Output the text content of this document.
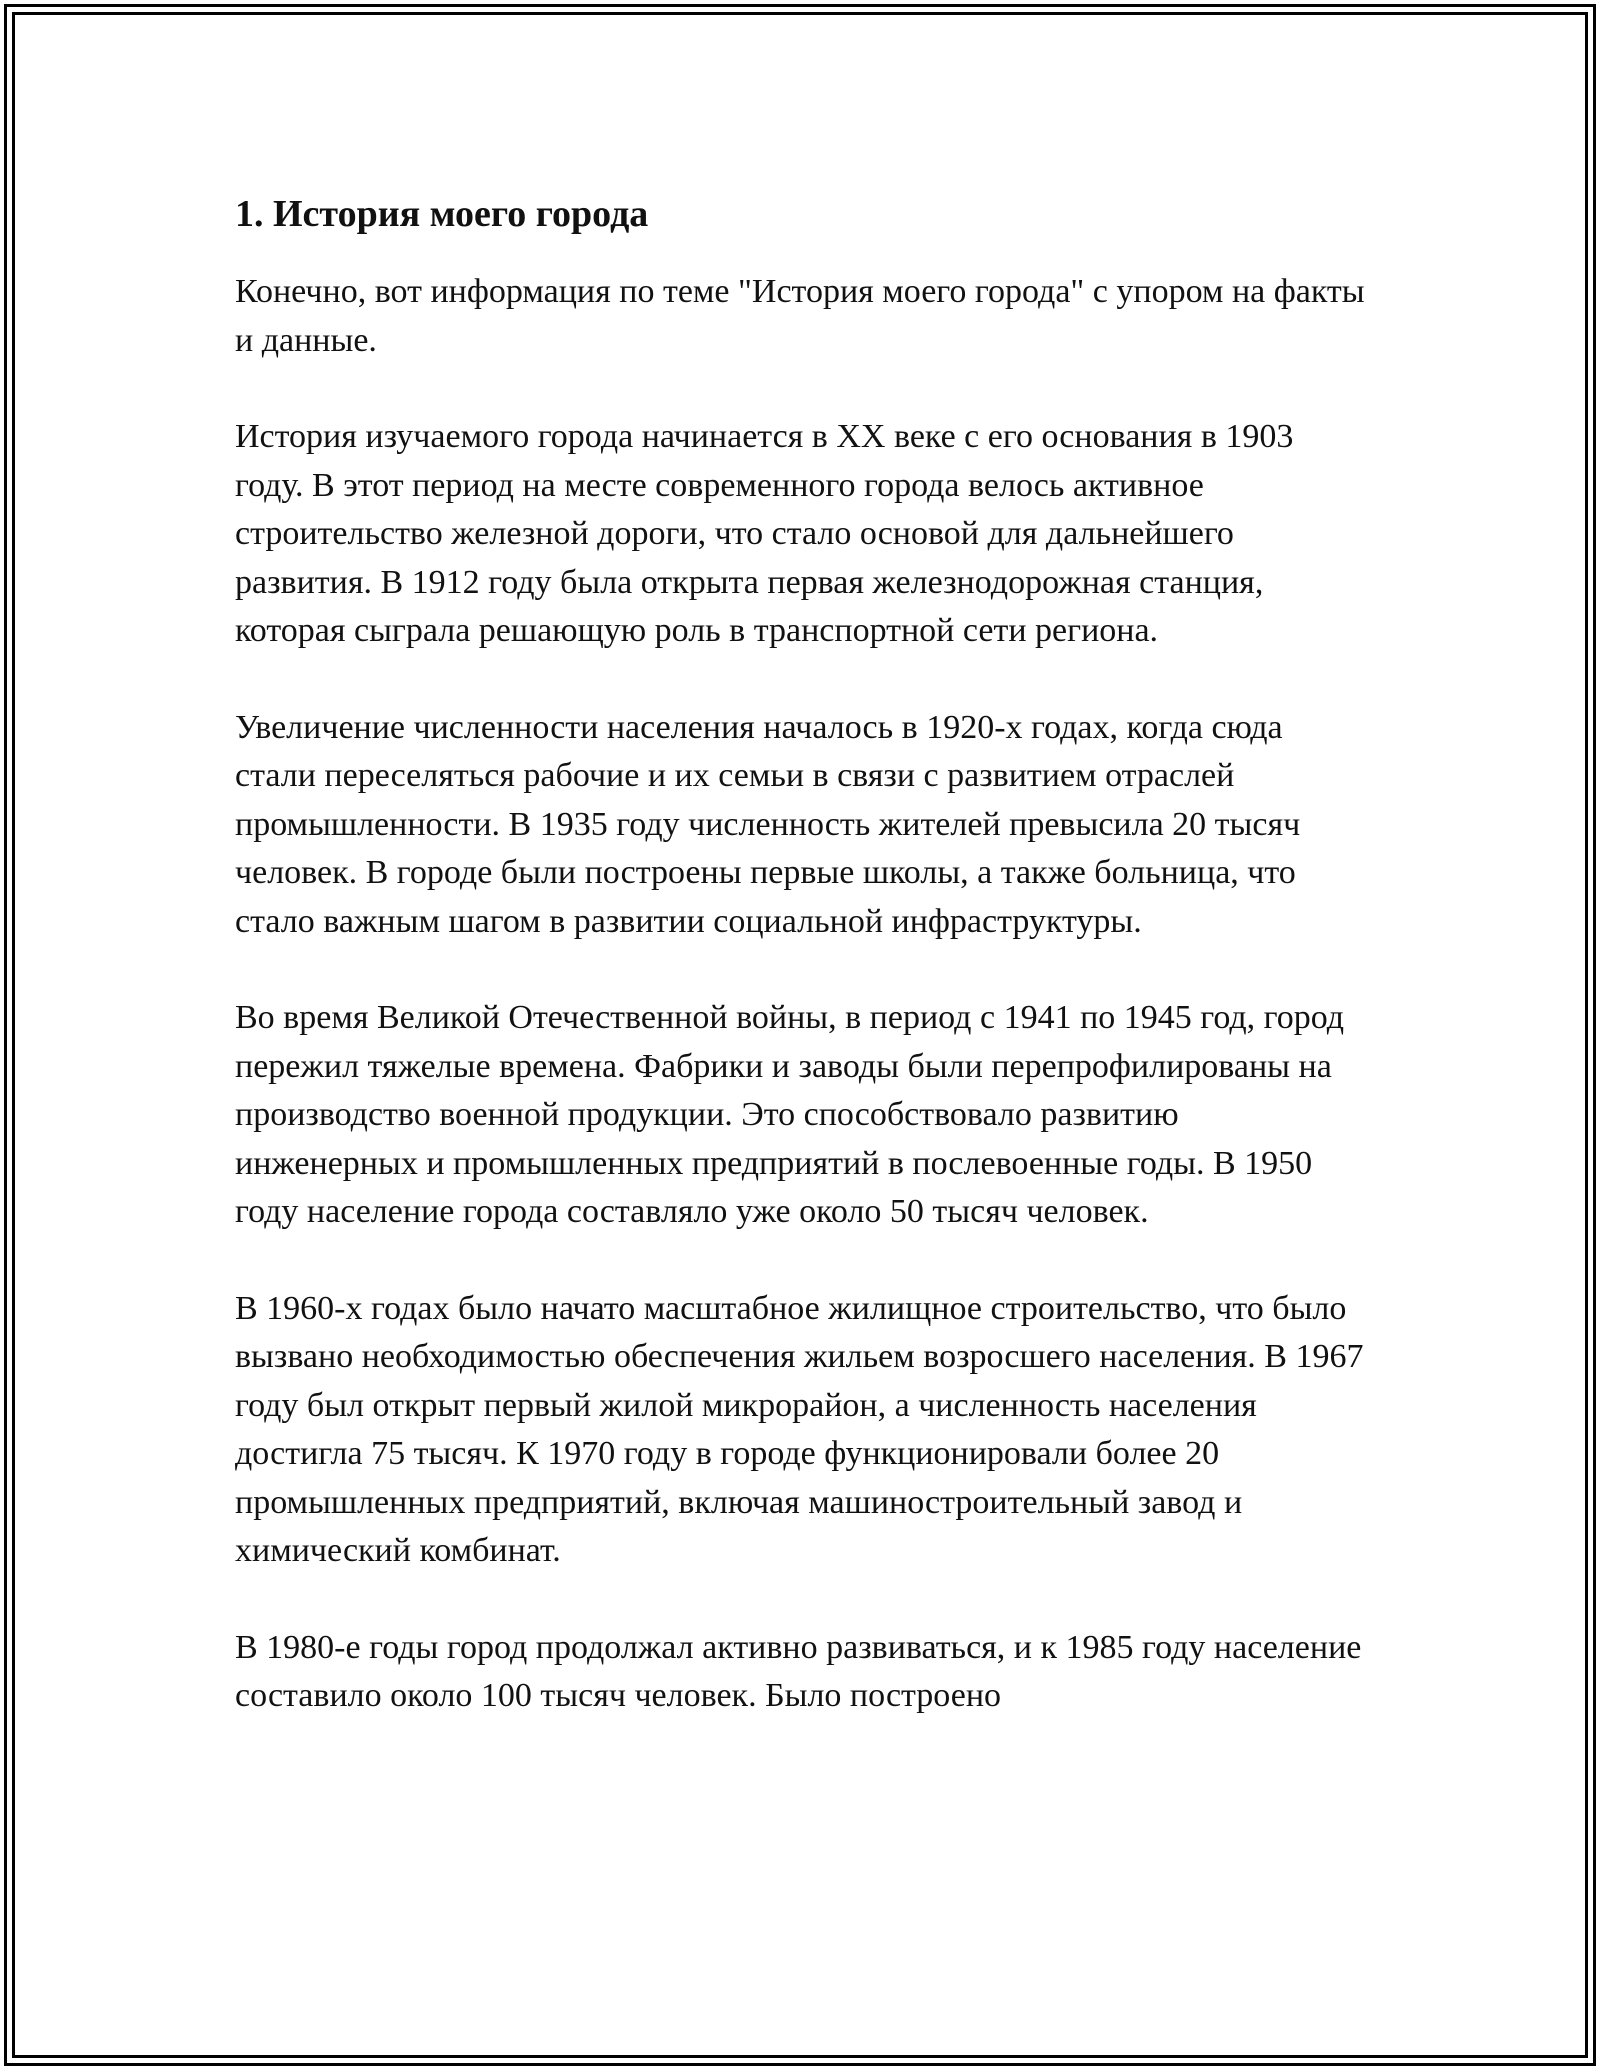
1. История моего города

Конечно, вот информация по теме "История моего города" с упором на факты и данные.

История изучаемого города начинается в XX веке с его основания в 1903 году. В этот период на месте современного города велось активное строительство железной дороги, что стало основой для дальнейшего развития. В 1912 году была открыта первая железнодорожная станция, которая сыграла решающую роль в транспортной сети региона.

Увеличение численности населения началось в 1920-х годах, когда сюда стали переселяться рабочие и их семьи в связи с развитием отраслей промышленности. В 1935 году численность жителей превысила 20 тысяч человек. В городе были построены первые школы, а также больница, что стало важным шагом в развитии социальной инфраструктуры.

Во время Великой Отечественной войны, в период с 1941 по 1945 год, город пережил тяжелые времена. Фабрики и заводы были перепрофилированы на производство военной продукции. Это способствовало развитию инженерных и промышленных предприятий в послевоенные годы. В 1950 году население города составляло уже около 50 тысяч человек.

В 1960-х годах было начато масштабное жилищное строительство, что было вызвано необходимостью обеспечения жильем возросшего населения. В 1967 году был открыт первый жилой микрорайон, а численность населения достигла 75 тысяч. К 1970 году в городе функционировали более 20 промышленных предприятий, включая машиностроительный завод и химический комбинат.

В 1980-е годы город продолжал активно развиваться, и к 1985 году население составило около 100 тысяч человек. Было построено
